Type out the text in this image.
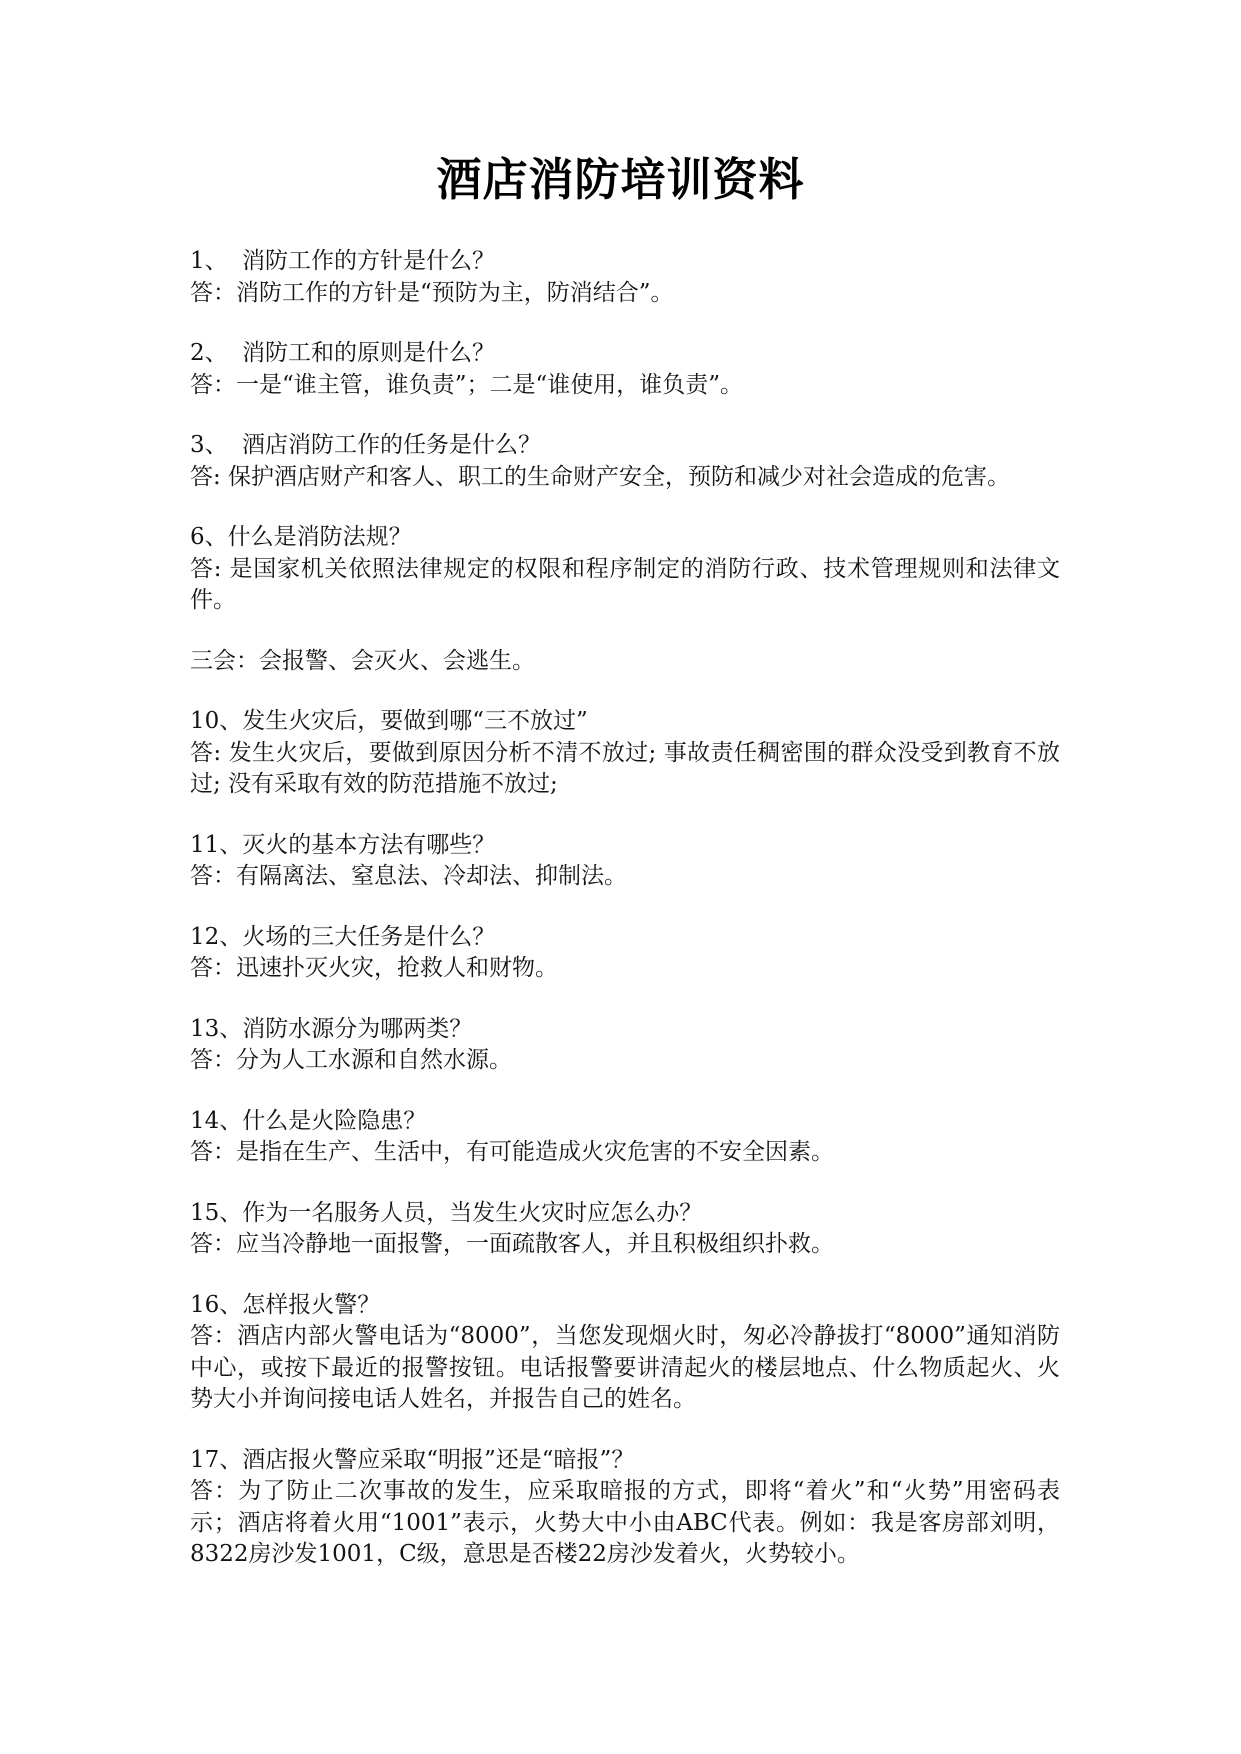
酒店消防培训资料

1、 消防工作的方针是什么？

答：消防工作的方针是“预防为主，防消结合”。

2、 消防工和的原则是什么？

答：一是“谁主管，谁负责”；二是“谁使用，谁负责”。

3、 酒店消防工作的任务是什么？

答: 保护酒店财产和客人、职工的生命财产安全，预防和减少对社会造成的危害。

6、什么是消防法规？

答: 是国家机关依照法律规定的权限和程序制定的消防行政、技术管理规则和法律文件。

三会：会报警、会灭火、会逃生。

10、发生火灾后，要做到哪“三不放过”

答: 发生火灾后，要做到原因分析不清不放过; 事故责任稠密围的群众没受到教育不放过; 没有采取有效的防范措施不放过;

11、灭火的基本方法有哪些？

答：有隔离法、窒息法、冷却法、抑制法。

12、火场的三大任务是什么？

答：迅速扑灭火灾，抢救人和财物。

13、消防水源分为哪两类？

答：分为人工水源和自然水源。

14、什么是火险隐患？

答：是指在生产、生活中，有可能造成火灾危害的不安全因素。

15、作为一名服务人员，当发生火灾时应怎么办？

答：应当冷静地一面报警，一面疏散客人，并且积极组织扑救。

16、怎样报火警？

答：酒店内部火警电话为“8000”，当您发现烟火时，匆必冷静拔打“8000”通知消防中心，或按下最近的报警按钮。电话报警要讲清起火的楼层地点、什么物质起火、火势大小并询问接电话人姓名，并报告自己的姓名。

17、酒店报火警应采取“明报”还是“暗报”？

答：为了防止二次事故的发生，应采取暗报的方式，即将“着火”和“火势”用密码表示；酒店将着火用“1001”表示，火势大中小由ABC代表。例如：我是客房部刘明，8322房沙发1001，C级，意思是否楼22房沙发着火，火势较小。
